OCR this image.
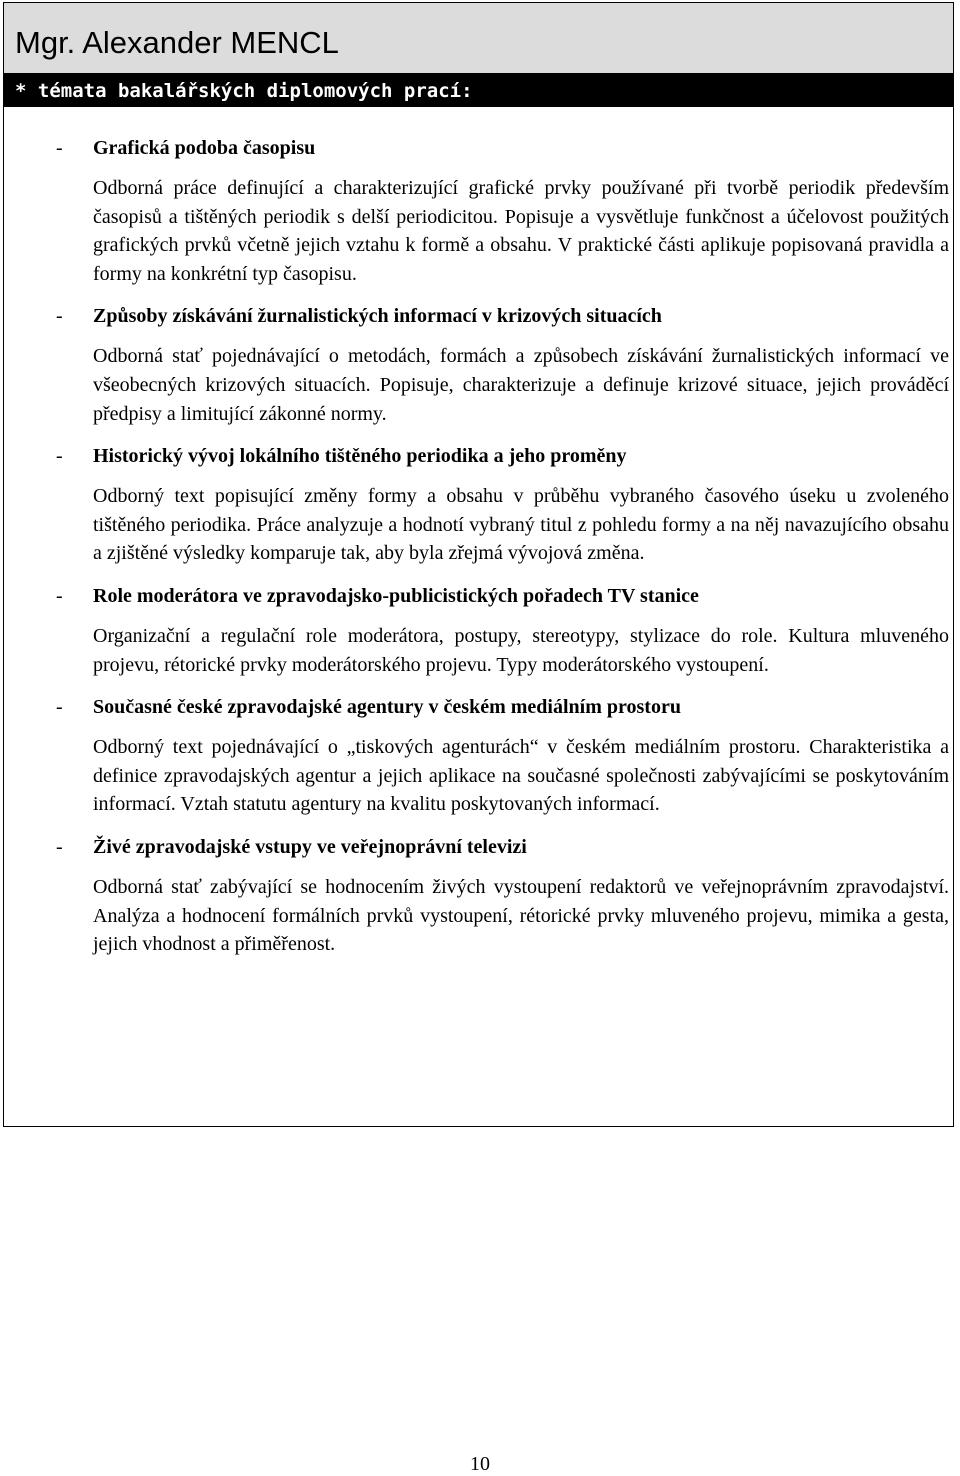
Mgr. Alexander MENCL
* témata bakalářských diplomových prací:
- Grafická podoba časopisu

Odborná práce definující a charakterizující grafické prvky používané při tvorbě periodik především časopisů a tištěných periodik s delší periodicitou. Popisuje a vysvětluje funkčnost a účelovost použitých grafických prvků včetně jejich vztahu k formě a obsahu. V praktické části aplikuje popisovaná pravidla a formy na konkrétní typ časopisu.

- Způsoby získávání žurnalistických informací v krizových situacích

Odborná stať pojednávající o metodách, formách a způsobech získávání žurnalistických informací ve všeobecných krizových situacích. Popisuje, charakterizuje a definuje krizové situace, jejich prováděcí předpisy a limitující zákonné normy.

- Historický vývoj lokálního tištěného periodika a jeho proměny

Odborný text popisující změny formy a obsahu v průběhu vybraného časového úseku u zvoleného tištěného periodika. Práce analyzuje a hodnotí vybraný titul z pohledu formy a na něj navazujícího obsahu a zjištěné výsledky komparuje tak, aby byla zřejmá vývojová změna.

- Role moderátora ve zpravodajsko-publicistických pořadech TV stanice

Organizační a regulační role moderátora, postupy, stereotypy, stylizace do role. Kultura mluveného projevu, rétorické prvky moderátorského projevu. Typy moderátorského vystoupení.

- Současné české zpravodajské agentury v českém mediálním prostoru

Odborný text pojednávající o „tiskových agenturách“ v českém mediálním prostoru. Charakteristika a definice zpravodajských agentur a jejich aplikace na současné společnosti zabývajícími se poskytováním informací. Vztah statutu agentury na kvalitu poskytovaných informací.

- Živé zpravodajské vstupy ve veřejnoprávní televizi

Odborná stať zabývající se hodnocením živých vystoupení redaktorů ve veřejnoprávním zpravodajství. Analýza a hodnocení formálních prvků vystoupení, rétorické prvky mluveného projevu, mimika a gesta, jejich vhodnost a přiměřenost.

10
